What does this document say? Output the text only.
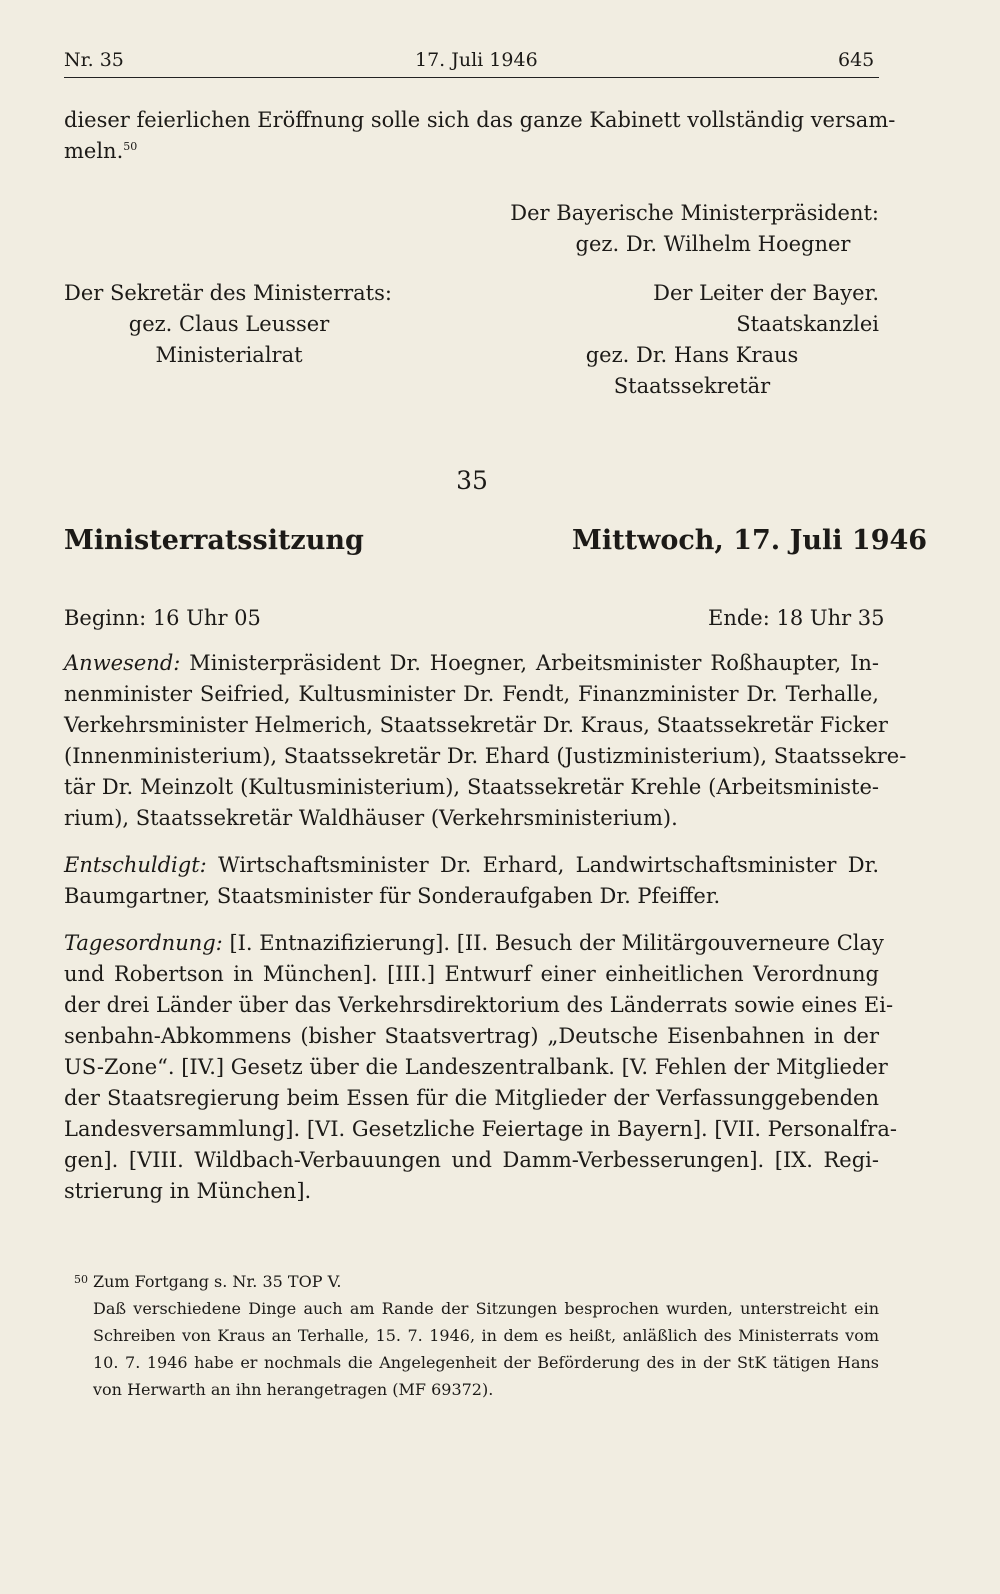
Nr. 35	17. Juli 1946	645
dieser feierlichen Eröffnung solle sich das ganze Kabinett vollständig versam-
meln.$^{50}$
Der Bayerische Ministerpräsident:
gez. Dr. Wilhelm Hoegner
Der Sekretär des Ministerrats:
gez. Claus Leusser
Ministerialrat
Der Leiter der Bayer. Staatskanzlei
gez. Dr. Hans Kraus
Staatssekretär
35
Ministerratssitzung	Mittwoch, 17. Juli 1946
Beginn: 16 Uhr 05	Ende: 18 Uhr 35
Anwesend: Ministerpräsident Dr. Hoegner, Arbeitsminister Roßhaupter, In-
nenminister Seifried, Kultusminister Dr. Fendt, Finanzminister Dr. Terhalle,
Verkehrsminister Helmerich, Staatssekretär Dr. Kraus, Staatssekretär Ficker
(Innenministerium), Staatssekretär Dr. Ehard (Justizministerium), Staatssekre-
tär Dr. Meinzolt (Kultusministerium), Staatssekretär Krehle (Arbeitsministe-
rium), Staatssekretär Waldhäuser (Verkehrsministerium).
Entschuldigt: Wirtschaftsminister Dr. Erhard, Landwirtschaftsminister Dr.
Baumgartner, Staatsminister für Sonderaufgaben Dr. Pfeiffer.
Tagesordnung: [I. Entnazifizierung]. [II. Besuch der Militärgouverneure Clay
und Robertson in München]. [III.] Entwurf einer einheitlichen Verordnung
der drei Länder über das Verkehrsdirektorium des Länderrats sowie eines Ei-
senbahn-Abkommens (bisher Staatsvertrag) „Deutsche Eisenbahnen in der
US-Zone“. [IV.] Gesetz über die Landeszentralbank. [V. Fehlen der Mitglieder
der Staatsregierung beim Essen für die Mitglieder der Verfassunggebenden
Landesversammlung]. [VI. Gesetzliche Feiertage in Bayern]. [VII. Personalfra-
gen]. [VIII. Wildbach-Verbauungen und Damm-Verbesserungen]. [IX. Regi-
strierung in München].
50 Zum Fortgang s. Nr. 35 TOP V.
Daß verschiedene Dinge auch am Rande der Sitzungen besprochen wurden, unterstreicht ein
Schreiben von Kraus an Terhalle, 15. 7. 1946, in dem es heißt, anläßlich des Ministerrats vom
10. 7. 1946 habe er nochmals die Angelegenheit der Beförderung des in der StK tätigen Hans
von Herwarth an ihn herangetragen (MF 69372).
